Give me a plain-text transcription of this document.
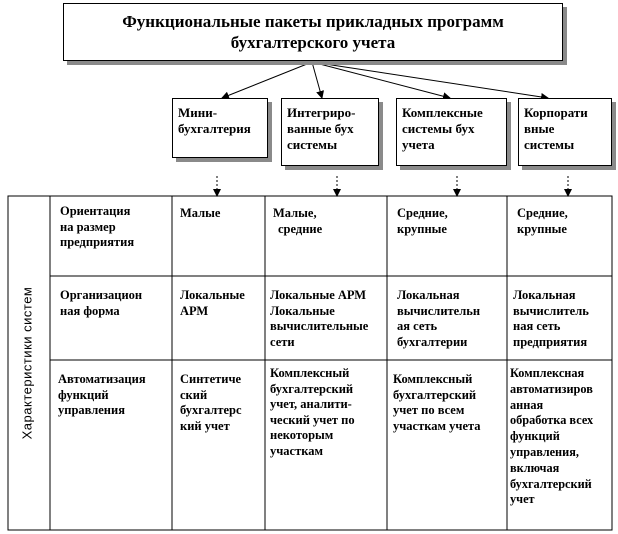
Функциональные пакеты прикладных программ
бухгалтерского учета
Мини-
бухгалтерия
Интегриро-
ванные бух
системы
Комплексные
системы бух
учета
Корпорати
вные
системы
Характеристики систем
Ориентация
на размер
предприятия
Малые	Малые,
средние
Средние,
крупные
Средние,
крупные
Организацион
ная форма
Локальные
АРМ
Локальные АРМ
Локальные
вычислительные
сети
Локальная
вычислительн
ая сеть
бухгалтерии
Локальная
вычислитель
ная сеть
предприятия
Автоматизация
функций
управления
Синтетиче
ский
бухгалтерс
кий учет
Комплексный
бухгалтерский
учет, аналити-
ческий учет по
некоторым
участкам
Комплексный
бухгалтерский
учет по всем
участкам учета
Комплексная
автоматизиров
анная
обработка всех
функций
управления,
включая
бухгалтерский
учет
